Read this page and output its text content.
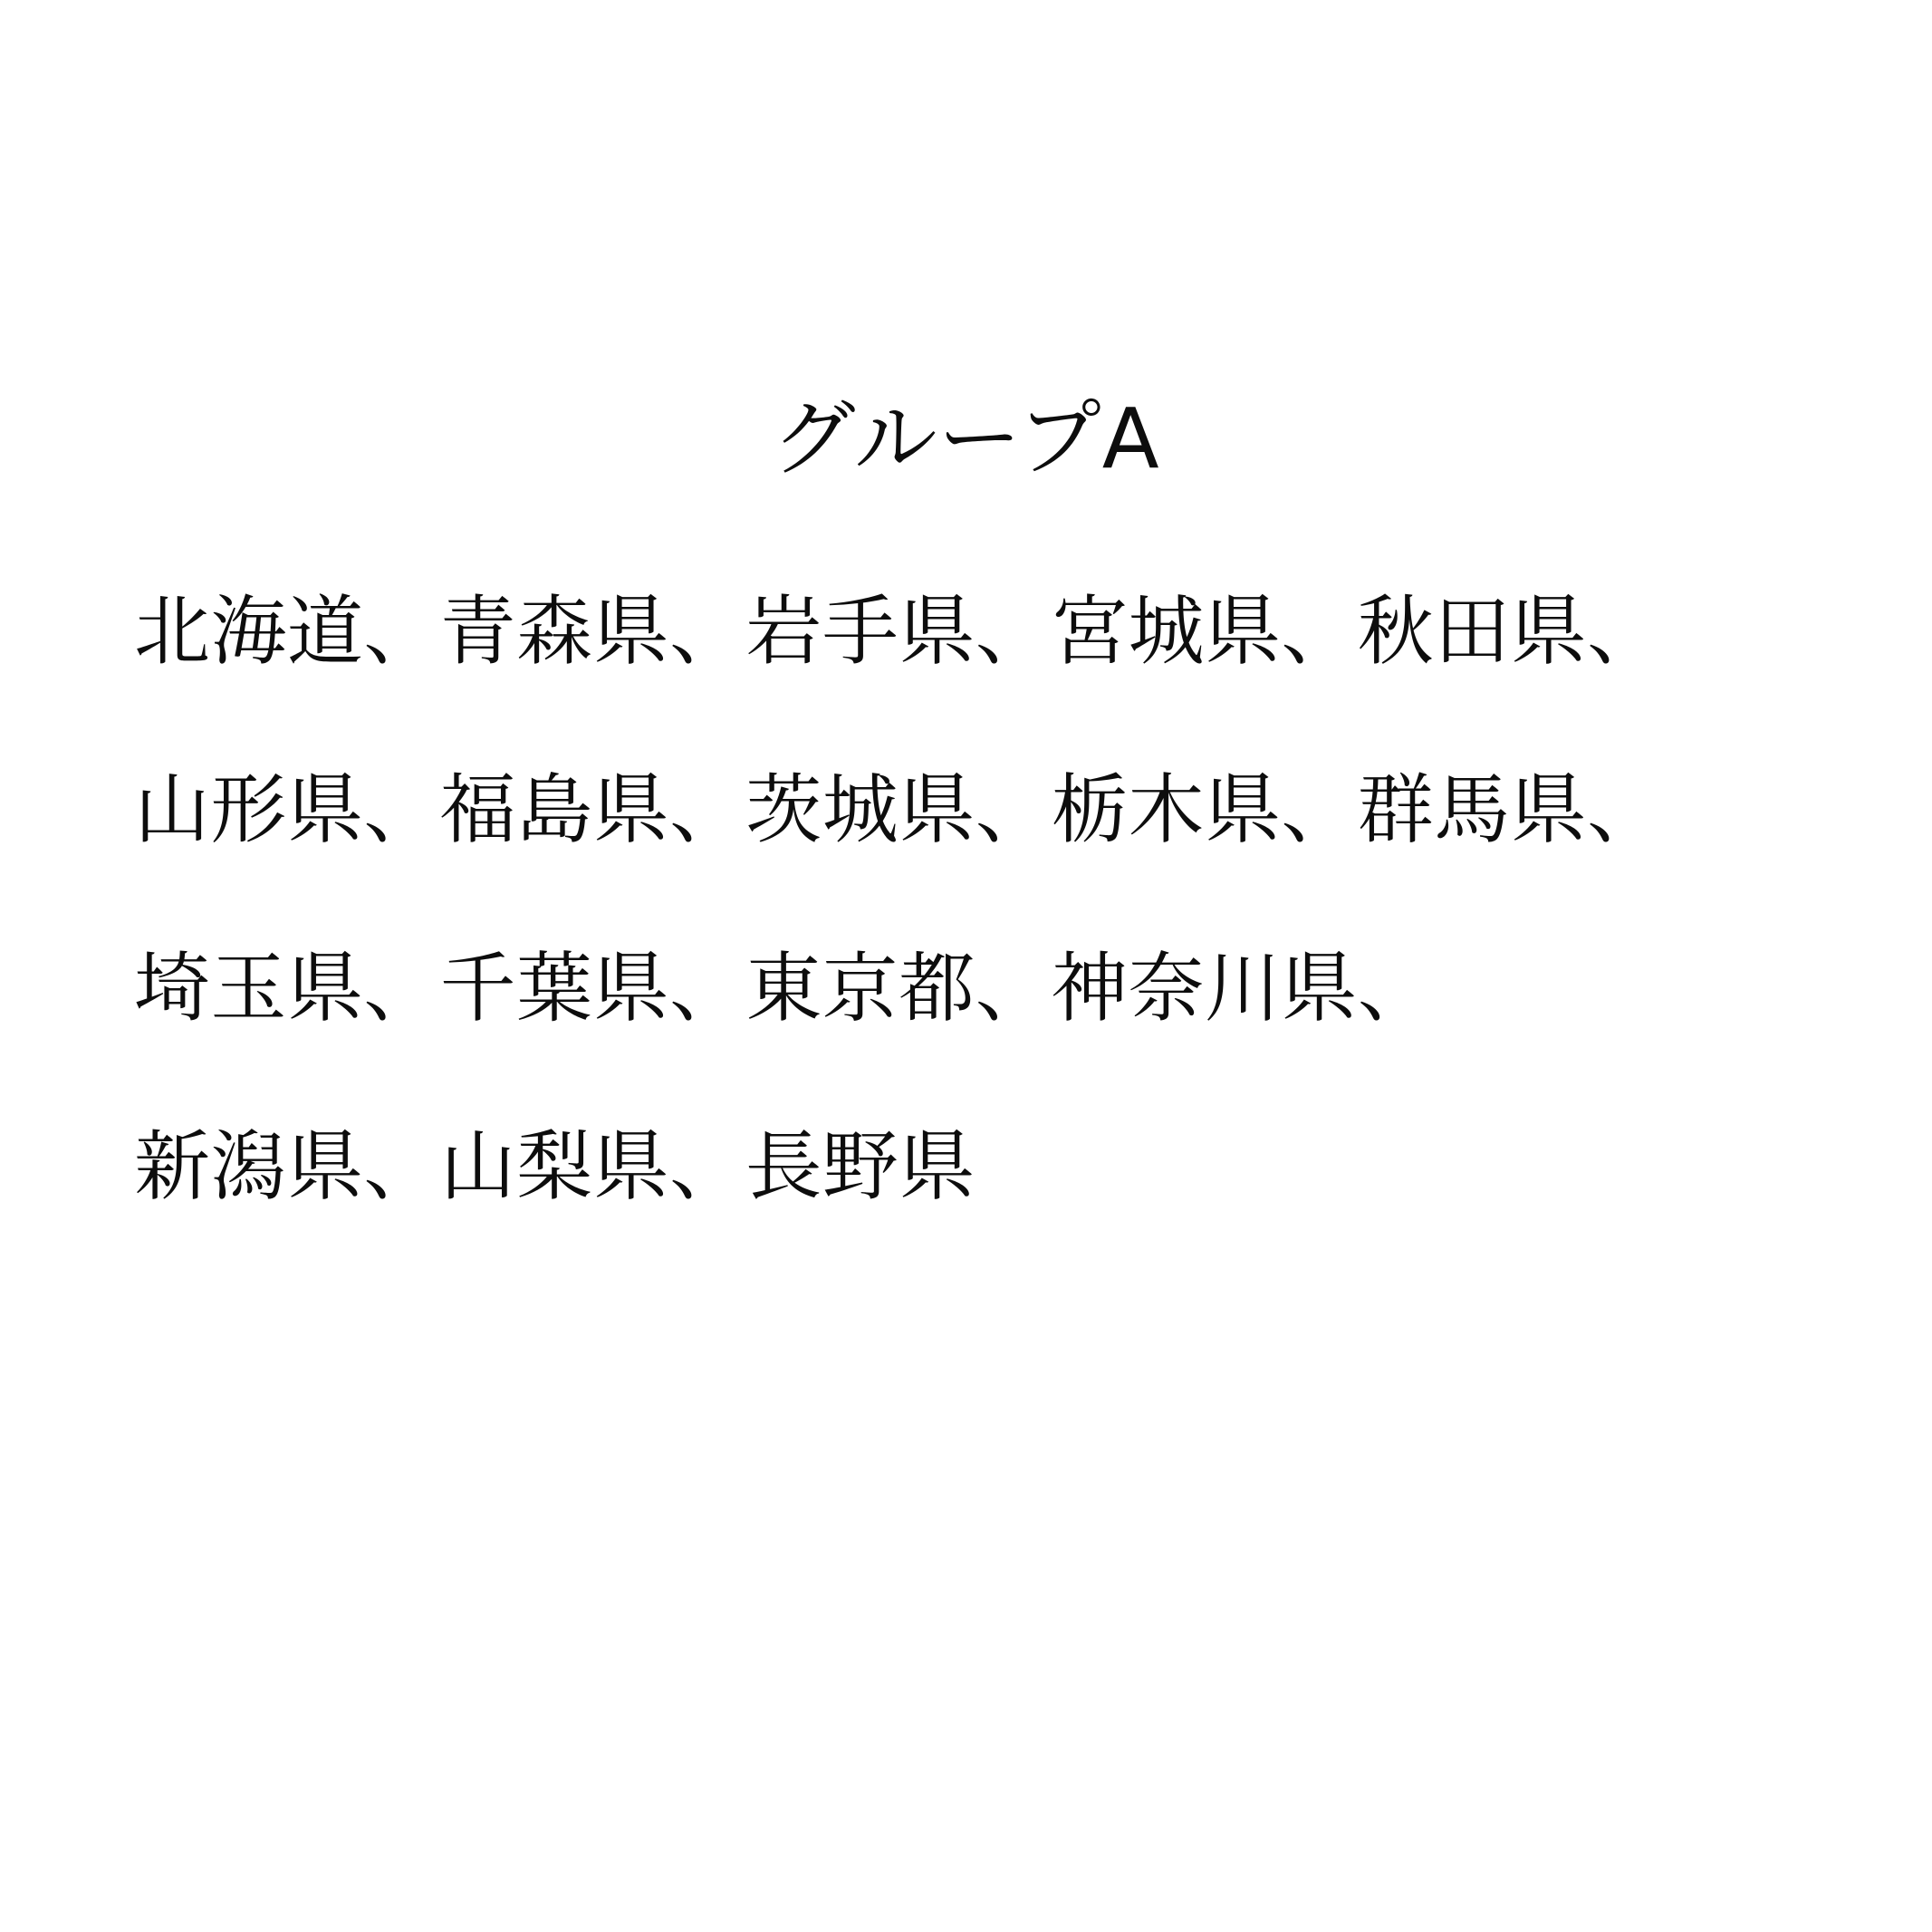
グループA

北海道、青森県、岩手県、宮城県、秋田県、

山形県、福島県、茨城県、栃木県、群馬県、

埼玉県、千葉県、東京都、神奈川県、

新潟県、山梨県、長野県
